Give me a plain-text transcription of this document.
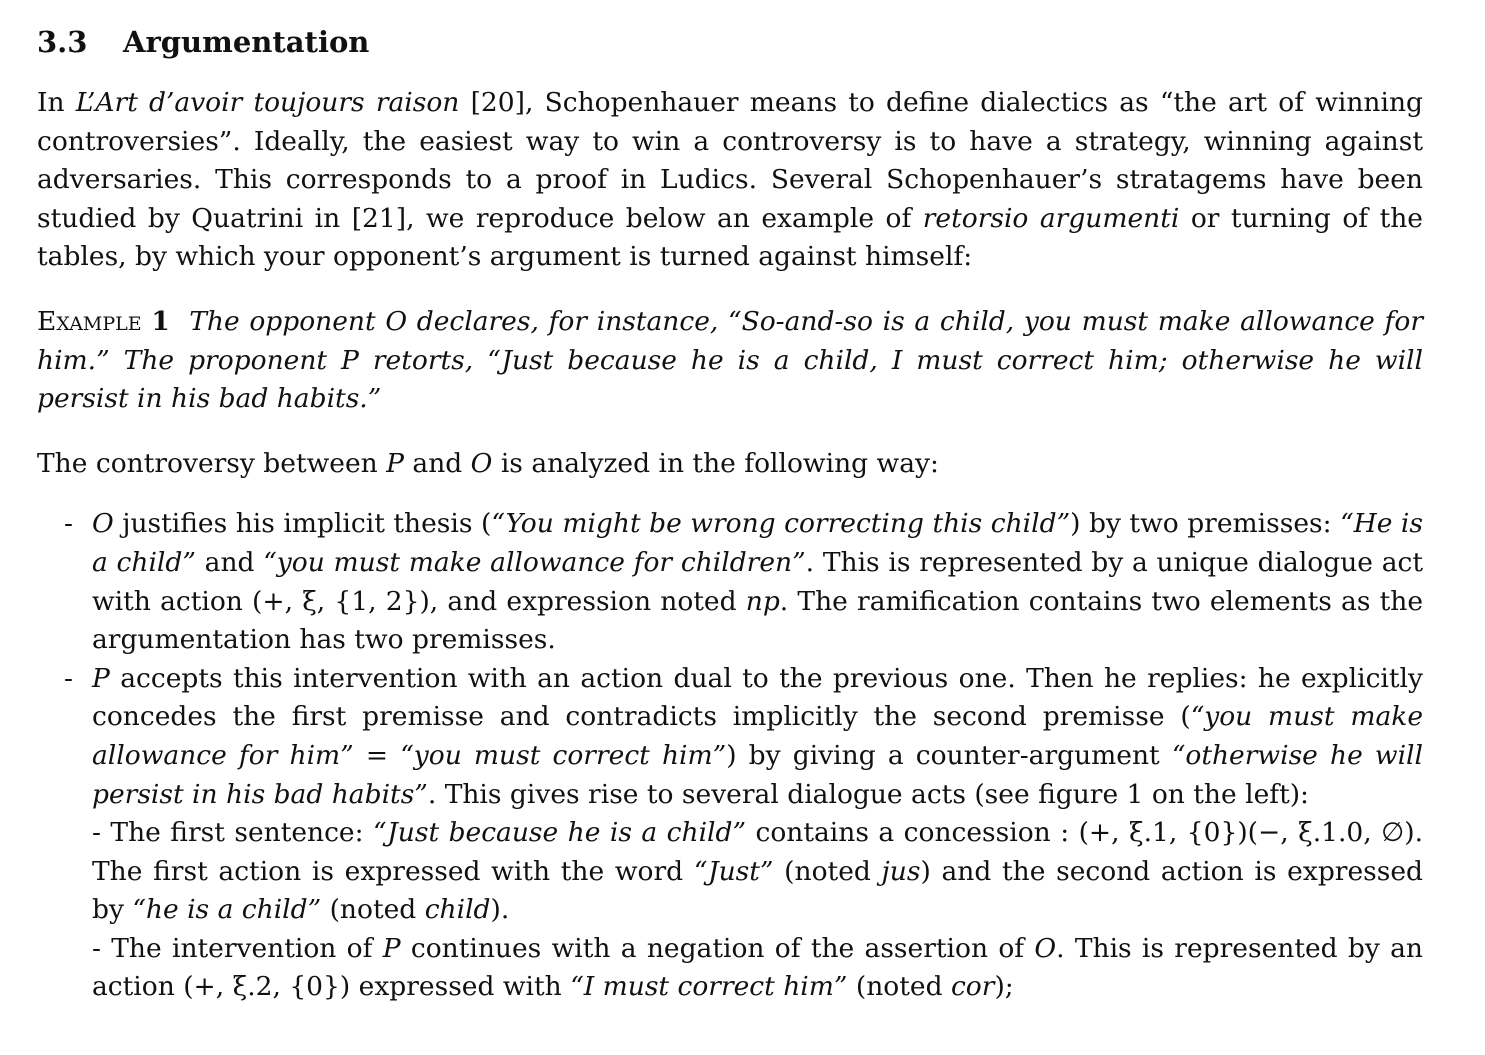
3.3 Argumentation

In L’Art d’avoir toujours raison [20], Schopenhauer means to define dialectics as “the art of winning controversies”. Ideally, the easiest way to win a controversy is to have a strategy, winning against adversaries. This corresponds to a proof in Ludics. Several Schopenhauer’s stratagems have been studied by Quatrini in [21], we reproduce below an example of retorsio argumenti or turning of the tables, by which your opponent’s argument is turned against himself:

Example 1 The opponent O declares, for instance, “So-and-so is a child, you must make allowance for him.” The proponent P retorts, “Just because he is a child, I must correct him; otherwise he will persist in his bad habits.”

The controversy between P and O is analyzed in the following way:

- O justifies his implicit thesis (“You might be wrong correcting this child”) by two premisses: “He is a child” and “you must make allowance for children”. This is represented by a unique dialogue act with action (+, ξ, {1, 2}), and expression noted np. The ramification contains two elements as the argumentation has two premisses.
- P accepts this intervention with an action dual to the previous one. Then he replies: he explicitly concedes the first premisse and contradicts implicitly the second premisse (“you must make allowance for him” = “you must correct him”) by giving a counter-argument “otherwise he will persist in his bad habits”. This gives rise to several dialogue acts (see figure 1 on the left):
- The first sentence: “Just because he is a child” contains a concession : (+, ξ.1, {0})(−, ξ.1.0, ∅). The first action is expressed with the word “Just” (noted jus) and the second action is expressed by “he is a child” (noted child).
- The intervention of P continues with a negation of the assertion of O. This is represented by an action (+, ξ.2, {0}) expressed with “I must correct him” (noted cor);
